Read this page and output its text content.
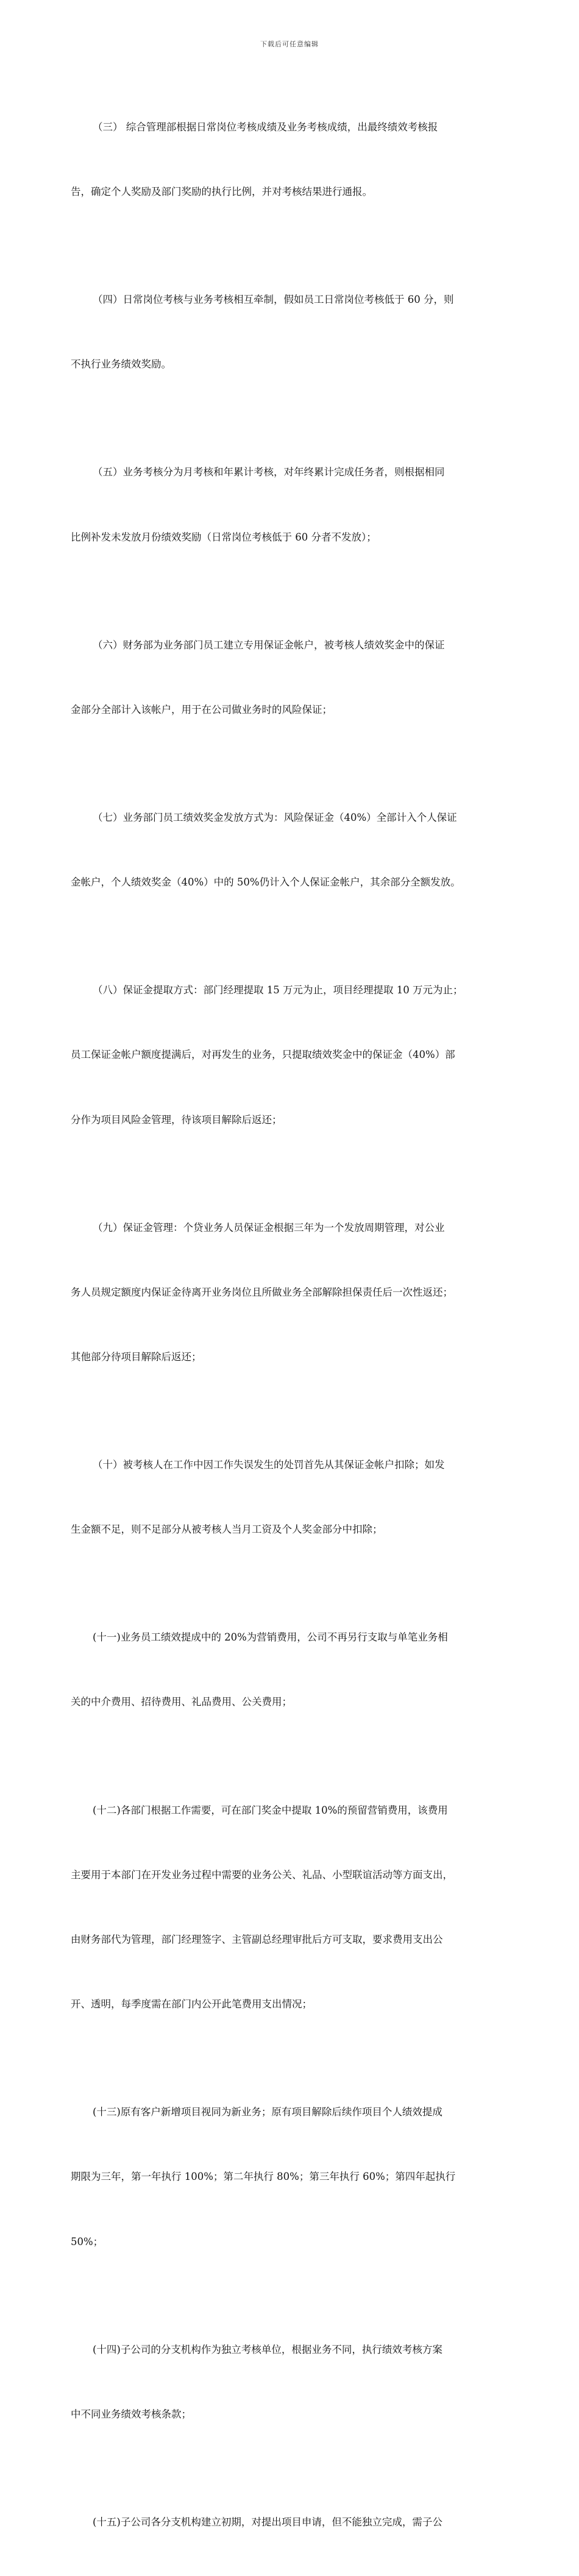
下载后可任意编辑

（三） 综合管理部根据日常岗位考核成绩及业务考核成绩，出最终绩效考核报

告，确定个人奖励及部门奖励的执行比例，并对考核结果进行通报。

（四）日常岗位考核与业务考核相互牵制，假如员工日常岗位考核低于 60 分，则

不执行业务绩效奖励。

（五）业务考核分为月考核和年累计考核，对年终累计完成任务者，则根据相同

比例补发未发放月份绩效奖励（日常岗位考核低于 60 分者不发放）；

（六）财务部为业务部门员工建立专用保证金帐户，被考核人绩效奖金中的保证

金部分全部计入该帐户，用于在公司做业务时的风险保证；

（七）业务部门员工绩效奖金发放方式为：风险保证金（40%）全部计入个人保证

金帐户，个人绩效奖金（40%）中的 50%仍计入个人保证金帐户，其余部分全额发放。

（八）保证金提取方式：部门经理提取 15 万元为止，项目经理提取 10 万元为止；

员工保证金帐户额度提满后，对再发生的业务，只提取绩效奖金中的保证金（40%）部

分作为项目风险金管理，待该项目解除后返还；

（九）保证金管理：个贷业务人员保证金根据三年为一个发放周期管理，对公业

务人员规定额度内保证金待离开业务岗位且所做业务全部解除担保责任后一次性返还；

其他部分待项目解除后返还；

（十）被考核人在工作中因工作失误发生的处罚首先从其保证金帐户扣除；如发

生金额不足，则不足部分从被考核人当月工资及个人奖金部分中扣除；

(十一)业务员工绩效提成中的 20%为营销费用，公司不再另行支取与单笔业务相

关的中介费用、招待费用、礼品费用、公关费用；

(十二)各部门根据工作需要，可在部门奖金中提取 10%的预留营销费用，该费用

主要用于本部门在开发业务过程中需要的业务公关、礼品、小型联谊活动等方面支出，

由财务部代为管理，部门经理签字、主管副总经理审批后方可支取，要求费用支出公

开、透明，每季度需在部门内公开此笔费用支出情况；

(十三)原有客户新增项目视同为新业务；原有项目解除后续作项目个人绩效提成

期限为三年，第一年执行 100%；第二年执行 80%；第三年执行 60%；第四年起执行

50%；

(十四)子公司的分支机构作为独立考核单位，根据业务不同，执行绩效考核方案

中不同业务绩效考核条款；

(十五)子公司各分支机构建立初期，对提出项目申请，但不能独立完成，需子公
